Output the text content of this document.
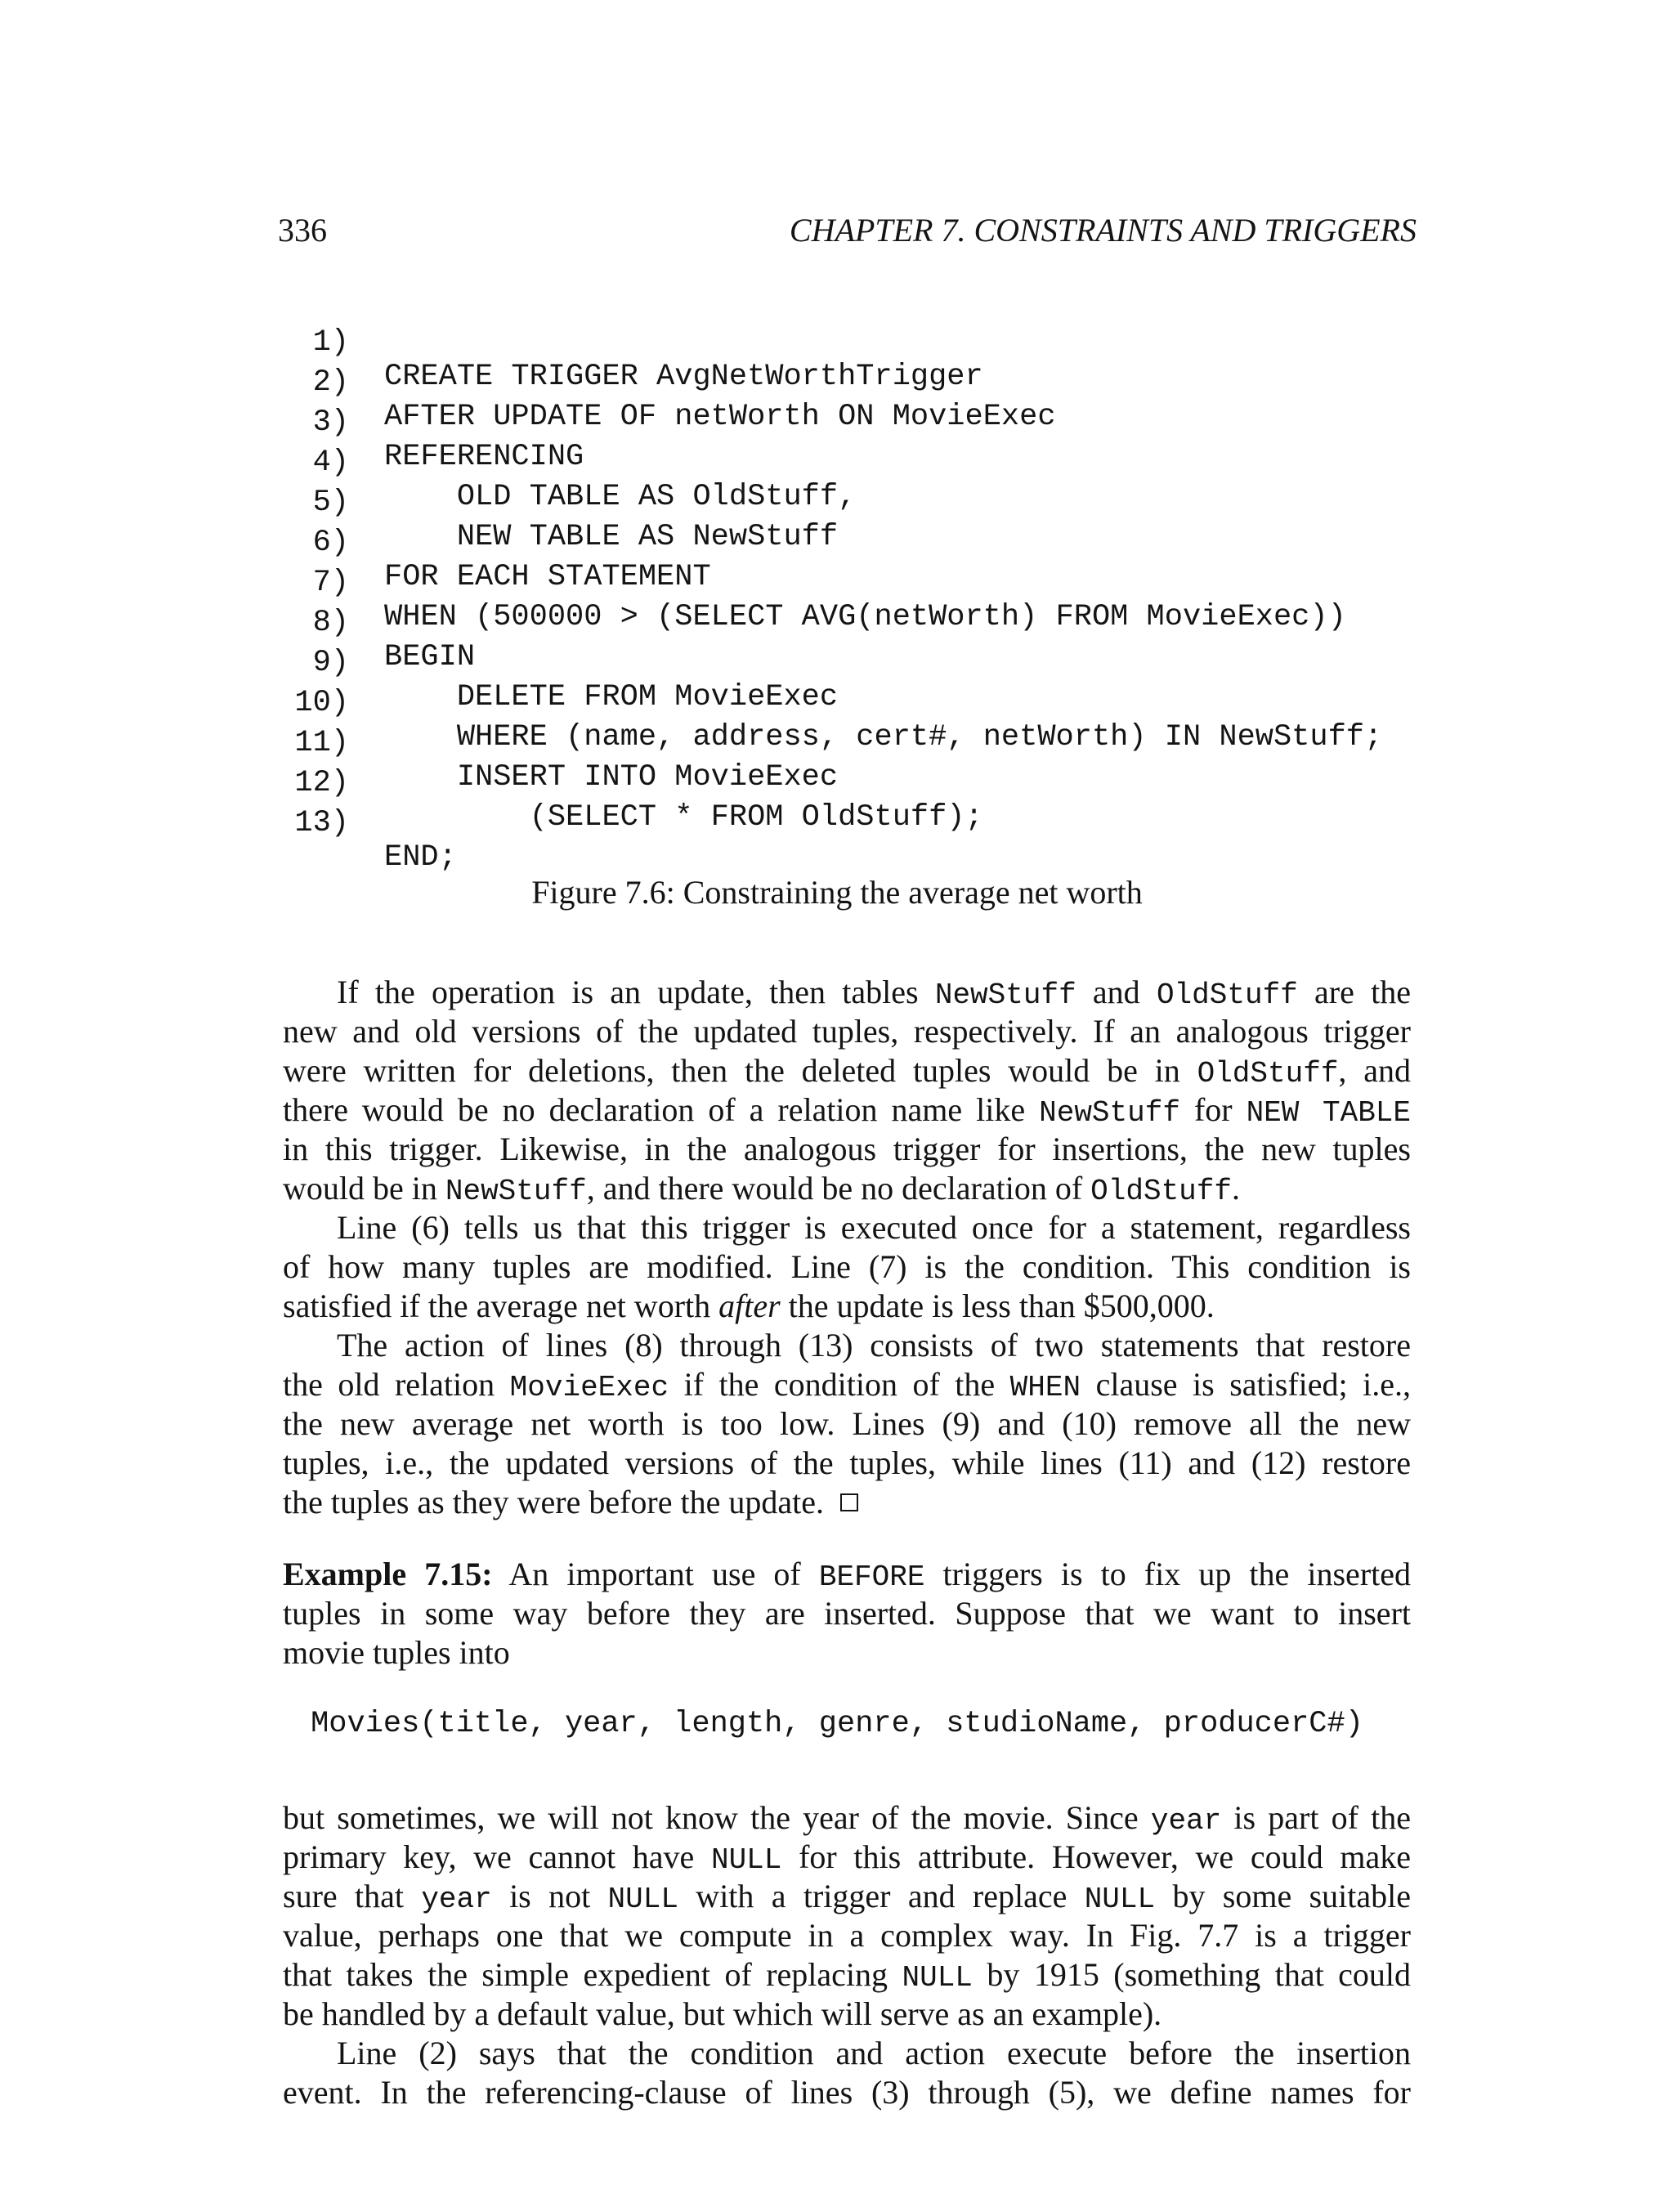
336	CHAPTER 7. CONSTRAINTS AND TRIGGERS

1)

CREATE TRIGGER AvgNetWorthTrigger

2)

AFTER UPDATE OF netWorth ON MovieExec

3)

REFERENCING

4)

OLD TABLE AS OldStuff,

5)

NEW TABLE AS NewStuff

6)

FOR EACH STATEMENT

7)

WHEN (500000 > (SELECT AVG(netWorth) FROM MovieExec))

8)

BEGIN

9)

DELETE FROM MovieExec

10)

WHERE (name, address, cert#, netWorth) IN NewStuff;

11)

INSERT INTO MovieExec

12)

(SELECT * FROM OldStuff);

13)

END;

Figure 7.6: Constraining the average net worth
If the operation is an update, then tables NewStuff and OldStuff are the
new and old versions of the updated tuples, respectively. If an analogous trigger
were written for deletions, then the deleted tuples would be in OldStuff, and
there would be no declaration of a relation name like NewStuff for NEW TABLE
in this trigger. Likewise, in the analogous trigger for insertions, the new tuples
would be in NewStuff, and there would be no declaration of OldStuff.
Line (6) tells us that this trigger is executed once for a statement, regardless
of how many tuples are modified. Line (7) is the condition. This condition is
satisfied if the average net worth after the update is less than $500,000.
The action of lines (8) through (13) consists of two statements that restore
the old relation MovieExec if the condition of the WHEN clause is satisfied; i.e.,
the new average net worth is too low. Lines (9) and (10) remove all the new
tuples, i.e., the updated versions of the tuples, while lines (11) and (12) restore
the tuples as they were before the update.
Example 7.15: An important use of BEFORE triggers is to fix up the inserted
tuples in some way before they are inserted. Suppose that we want to insert
movie tuples into
Movies(title, year, length, genre, studioName, producerC#)
but sometimes, we will not know the year of the movie. Since year is part of the
primary key, we cannot have NULL for this attribute. However, we could make
sure that year is not NULL with a trigger and replace NULL by some suitable
value, perhaps one that we compute in a complex way. In Fig. 7.7 is a trigger
that takes the simple expedient of replacing NULL by 1915 (something that could
be handled by a default value, but which will serve as an example).
Line (2) says that the condition and action execute before the insertion
event. In the referencing-clause of lines (3) through (5), we define names for
